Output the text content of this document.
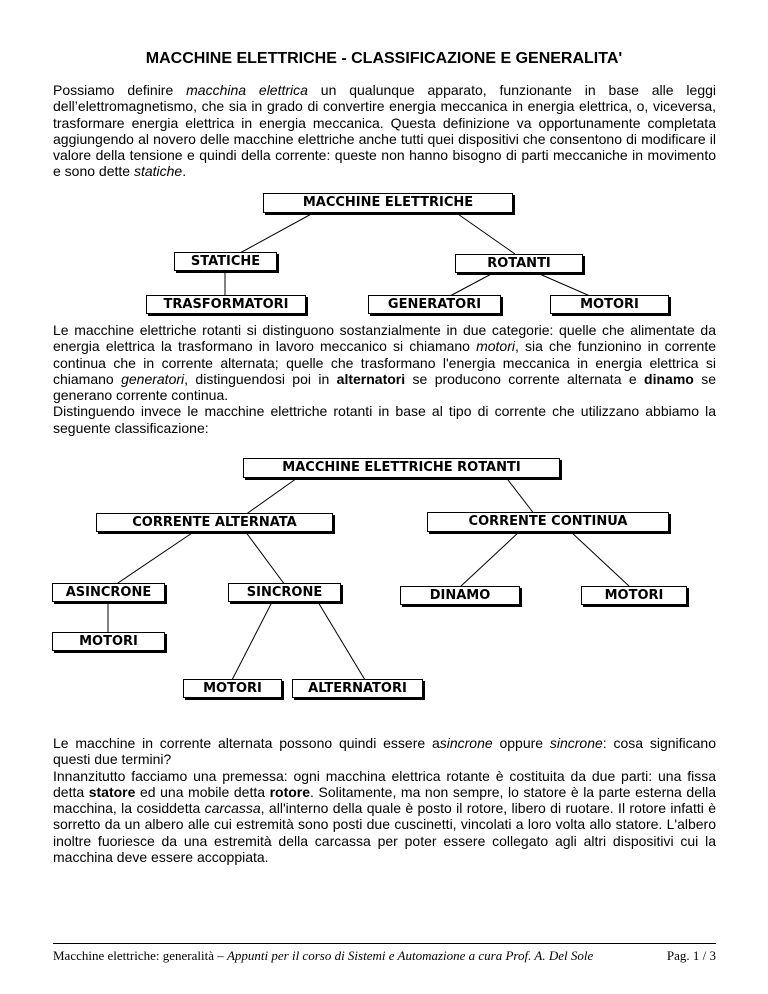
MACCHINE ELETTRICHE - CLASSIFICAZIONE E GENERALITA'
Possiamo definire macchina elettrica un qualunque apparato, funzionante in base alle leggi dell’elettromagnetismo, che sia in grado di convertire energia meccanica in energia elettrica, o, viceversa, trasformare energia elettrica in energia meccanica. Questa definizione va opportunamente completata aggiungendo al novero delle macchine elettriche anche tutti quei dispositivi che consentono di modificare il valore della tensione e quindi della corrente: queste non hanno bisogno di parti meccaniche in movimento e sono dette statiche.
MACCHINE ELETTRICHE
STATICHE	ROTANTI
TRASFORMATORI	GENERATORI	MOTORI
Le macchine elettriche rotanti si distinguono sostanzialmente in due categorie: quelle che alimentate da energia elettrica la trasformano in lavoro meccanico si chiamano motori, sia che funzionino in corrente continua che in corrente alternata; quelle che trasformano l'energia meccanica in energia elettrica si chiamano generatori, distinguendosi poi in alternatori se producono corrente alternata e dinamo se generano corrente continua.
Distinguendo invece le macchine elettriche rotanti in base al tipo di corrente che utilizzano abbiamo la seguente classificazione:
MACCHINE ELETTRICHE ROTANTI
CORRENTE ALTERNATA	CORRENTE CONTINUA
ASINCRONE	SINCRONE	DINAMO	MOTORI
MOTORI
MOTORI	ALTERNATORI
Le macchine in corrente alternata possono quindi essere asincrone oppure sincrone: cosa significano questi due termini?
Innanzitutto facciamo una premessa: ogni macchina elettrica rotante è costituita da due parti: una fissa detta statore ed una mobile detta rotore. Solitamente, ma non sempre, lo statore è la parte esterna della macchina, la cosiddetta carcassa, all'interno della quale è posto il rotore, libero di ruotare. Il rotore infatti è sorretto da un albero alle cui estremità sono posti due cuscinetti, vincolati a loro volta allo statore. L'albero inoltre fuoriesce da una estremità della carcassa per poter essere collegato agli altri dispositivi cui la macchina deve essere accoppiata.
Macchine elettriche: generalità – Appunti per il corso di Sistemi e Automazione a cura Prof. A. Del Sole	Pag. 1 / 3
